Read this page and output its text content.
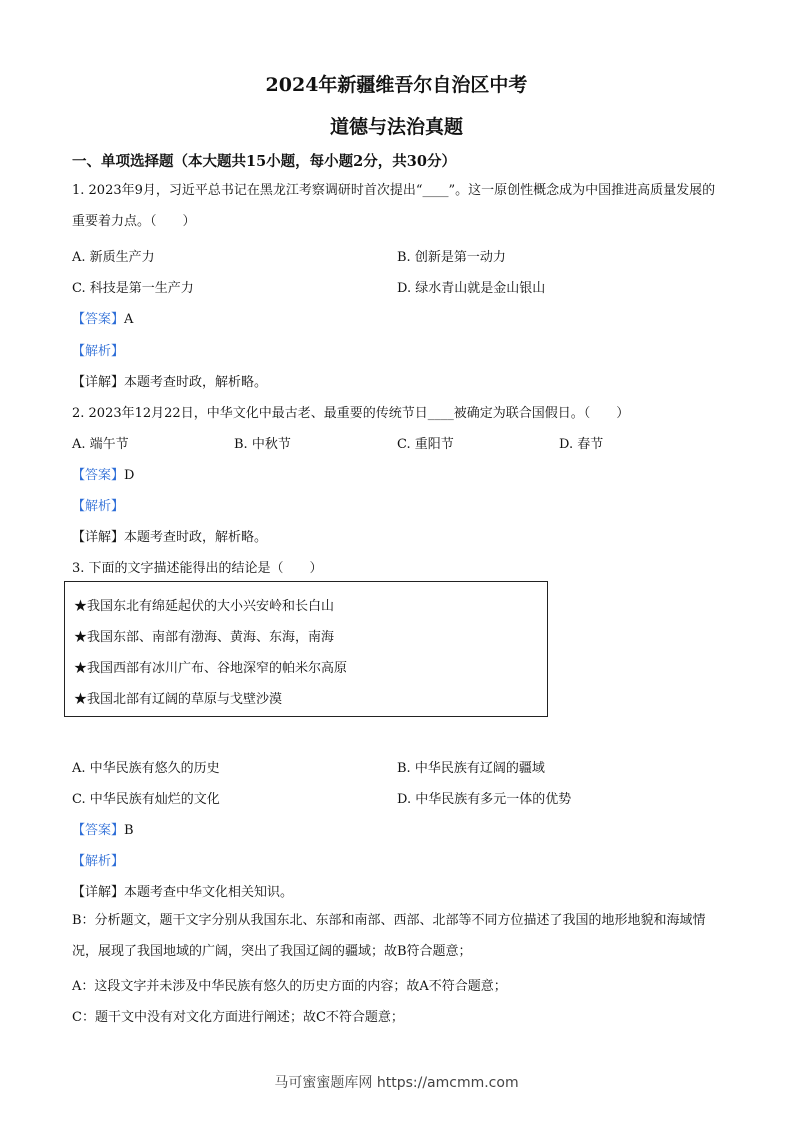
2024年新疆维吾尔自治区中考
道德与法治真题
一、单项选择题（本大题共15小题，每小题2分，共30分）
1. 2023年9月，习近平总书记在黑龙江考察调研时首次提出“____”。这一原创性概念成为中国推进高质量发展的重要着力点。（　　）
A. 新质生产力	B. 创新是第一动力
C. 科技是第一生产力	D. 绿水青山就是金山银山
【答案】A
【解析】
【详解】本题考查时政，解析略。
2. 2023年12月22日，中华文化中最古老、最重要的传统节日____被确定为联合国假日。（　　）
A. 端午节	B. 中秋节	C. 重阳节	D. 春节
【答案】D
【解析】
【详解】本题考查时政，解析略。
3. 下面的文字描述能得出的结论是（　　）
★我国东北有绵延起伏的大小兴安岭和长白山
★我国东部、南部有渤海、黄海、东海，南海
★我国西部有冰川广布、谷地深窄的帕米尔高原
★我国北部有辽阔的草原与戈壁沙漠
A. 中华民族有悠久的历史	B. 中华民族有辽阔的疆域
C. 中华民族有灿烂的文化	D. 中华民族有多元一体的优势
【答案】B
【解析】
【详解】本题考查中华文化相关知识。
B：分析题文，题干文字分别从我国东北、东部和南部、西部、北部等不同方位描述了我国的地形地貌和海域情况，展现了我国地域的广阔，突出了我国辽阔的疆域；故B符合题意；
A：这段文字并未涉及中华民族有悠久的历史方面的内容；故A不符合题意；
C：题干文中没有对文化方面进行阐述；故C不符合题意；
马可蜜蜜题库网 https://amcmm.com
